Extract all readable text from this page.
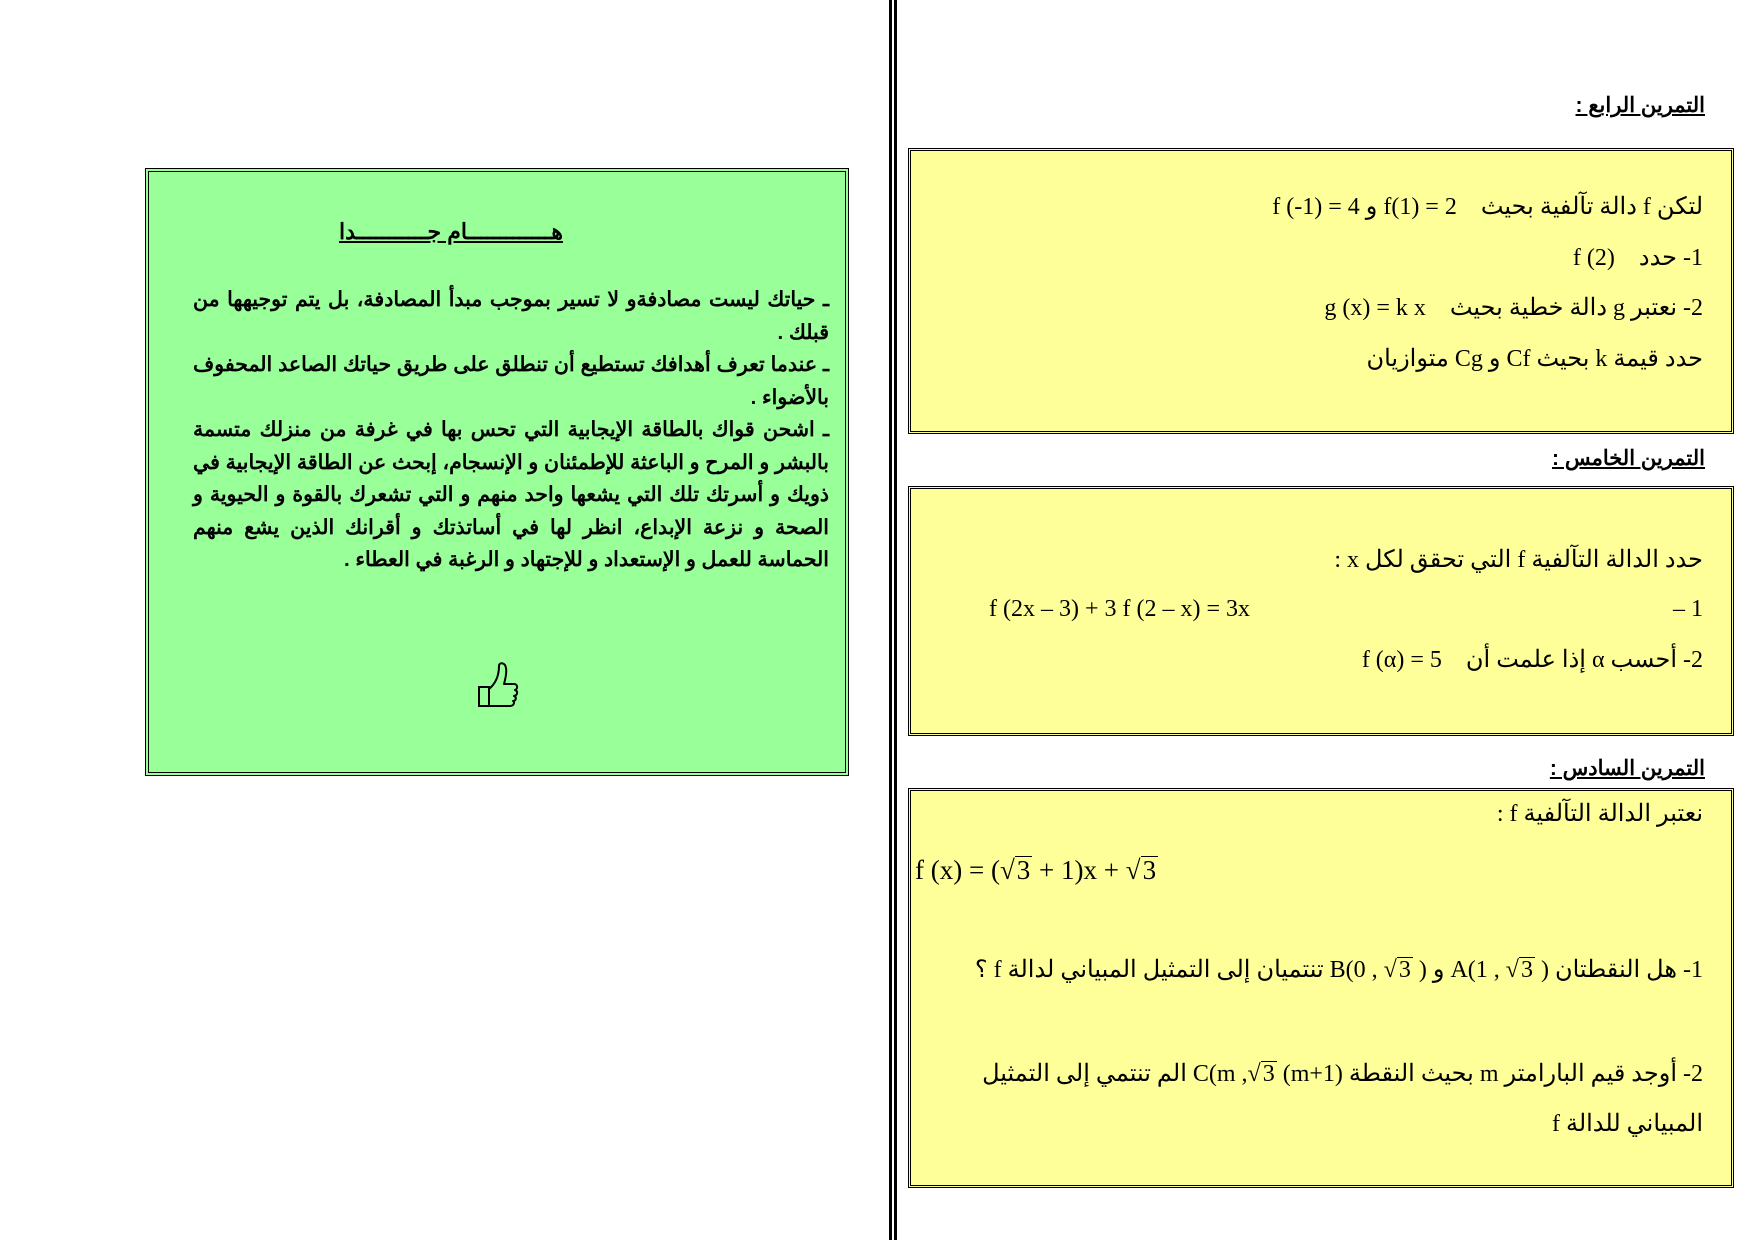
هـــــــــــــام جـــــــــــدا

ـ حياتك ليست مصادفةو لا تسير بموجب مبدأ المصادفة، بل يتم توجيهها من قبلك .

ـ عندما تعرف أهدافك تستطيع أن تنطلق على طريق حياتك الصاعد المحفوف بالأضواء .

ـ اشحن قواك بالطاقة الإيجابية التي تحس بها في غرفة من منزلك متسمة بالبشر و المرح و الباعثة للإطمئنان و الإنسجام، إبحث عن الطاقة الإيجابية في ذويك و أسرتك تلك التي يشعها واحد منهم و التي تشعرك بالقوة و الحيوية و الصحة و نزعة الإبداع، انظر لها في أساتذتك و أقرانك الذين يشع منهم الحماسة للعمل و الإستعداد و للإجتهاد و الرغبة في العطاء .

التمرين الرابع :
لتكن f دالة تآلفية بحيث    f (-1) = 4 و f(1) = 2
1- حدد    f (2)
2- نعتبر g دالة خطية بحيث    g (x) = k x
حدد قيمة k بحيث Cf و Cg متوازيان
التمرين الخامس :
حدد الدالة التآلفية f التي تحقق لكل x :
– 1
f (2x – 3) + 3 f (2 – x) = 3x
2- أحسب α إذا علمت أن    f (α) = 5
التمرين السادس :
نعتبر الدالة التآلفية f :
f (x) = (√3 + 1)x + √3
1- هل النقطتان A(1 , √3 ) و B(0 , √3 ) تنتميان إلى التمثيل المبياني لدالة f ؟
2- أوجد قيم البارامتر m بحيث النقطة C(m ,√3 (m+1) الم تنتمي إلى التمثيل
المبياني للدالة f
